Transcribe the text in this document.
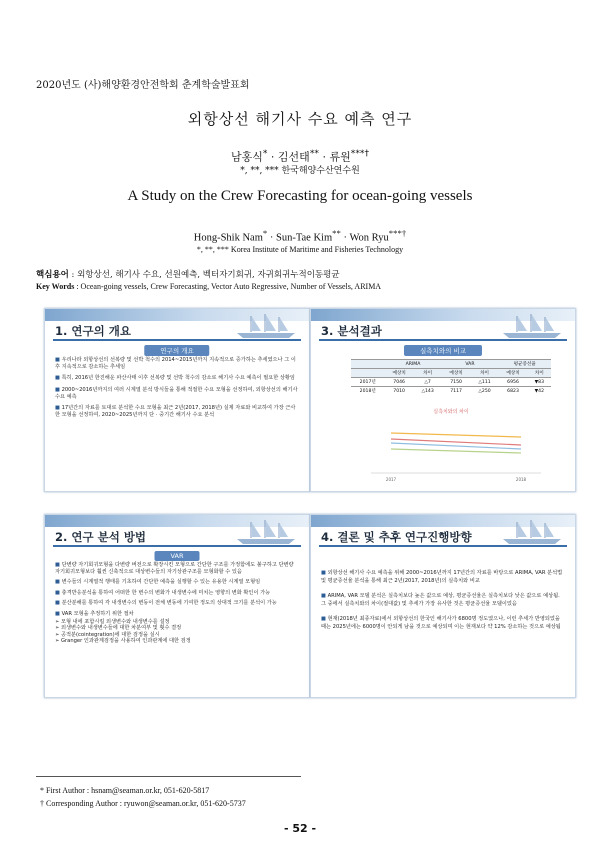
2020년도 (사)해양환경안전학회 춘계학술발표회
외항상선 해기사 수요 예측 연구
남홍식* · 김선태** · 류원***†
*, **, *** 한국해양수산연수원
A Study on the Crew Forecasting for ocean-going vessels
Hong-Shik Nam* · Sun-Tae Kim** · Won Ryu***†
*, **, *** Korea Institute of Maritime and Fisheries Technology
핵심용어 : 외항상선, 해기사 수요, 선원예측, 벡터자기회귀, 자귀회귀누적이동평균
Key Words : Ocean-going vessels, Crew Forecasting, Vector Auto Regressive, Number of Vessels, ARIMA
1. 연구의 개요
연구의 개요

■ 우리나라 외항상선의 선복량 및 선박 척수의 2014~2015년까지 지속적으로 증가하는 추세였으나 그 이후 지속적으로 감소하는 추세임

■ 특히, 2016년 한진해운 파산사태 이후 선복량 및 선박 척수의 감소로 해기사 수요 예측이 필요한 상황임

■ 2000~2016년까지의 여러 시계열 분석 방식들을 통해 적절한 수요 모형을 선정하여, 외항상선의 해기사 수요 예측

■ 17년간의 자료를 토대로 분석한 수요 모형을 최근 2년(2017, 2018년) 실제 자료와 비교하여 가장 근사한 모형을 선정하여, 2020~2025년까지 단 · 중기간 해기사 수요 분석

3. 분석결과
실측치와의 비교
	ARIMA		VAR		평균증선율	
	예상치	차이	예상치	차이	예상치	차이
2017년	7046	△7	7150	△111	6956	▼83
2018년	7010	△143	7117	△250	6823	▼42
실측치와의 차이
2017	2018
2. 연구 분석 방법
VAR

■ 단변량 자기회귀모형을 다변량 버전으로 확장시킨 모형으로 간단한 구조를 가정함에도 불구하고 단변량 자기회귀모형보다 훨씬 신축적으로 대상변수들의 자기상관구조를 모형화할 수 있음

■ 변수들의 시계열적 행태를 기초하여 간단한 예측을 실행할 수 있는 유용한 시계열 모형임

■ 충격반응분석을 통하여 어떠한 한 변수의 변화가 내생변수에 미치는 영향의 변화 확인이 가능

■ 분산분해를 통하여 각 내생변수의 변동이 전체 변동에 기여한 정도의 상대적 크기를 분석이 가능

■ VAR 모형을 추정하기 위한 절차

➢ 모형 내에 포함시킬 외생변수와 내생변수를 설정

➢ 외생변수와 내생변수들에 대한 차분여부 및 횟수 결정

➢ 공적분(cointegration)에 대한 검정을 실시

➢ Granger 인과관계검정을 사용하여 인과관계에 대한 검정

4. 결론 및 추후 연구진행방향

■ 외항상선 해기사 수요 예측을 위해 2000~2016년까지 17년간의 자료를 바탕으로 ARIMA, VAR 분석법 및 평균증선율 분석을 통해 최근 2년(2017, 2018년)의 실측치와 비교

■ ARIMA, VAR 모델 분석은 실측치보다 높은 값으로 예상, 평균증선율은 실측치보다 낮은 값으로 예상됨. 그 중에서 실측치와의 차이(절대값) 및 추세가 가장 유사한 것은 평균증선율 모델이었음

■ 현재(2018년 최종자료)에서 외항상선의 한국인 해기사가 6800명 정도였으나, 이런 추세가 반영되었을 때는 2025년에는 6000명이 안되게 남을 것으로 예상되며 이는 현재보다 약 12% 감소하는 것으로 예상됨

* First Author : hsnam@seaman.or.kr, 051-620-5817
† Corresponding Author : ryuwon@seaman.or.kr, 051-620-5737
- 52 -
